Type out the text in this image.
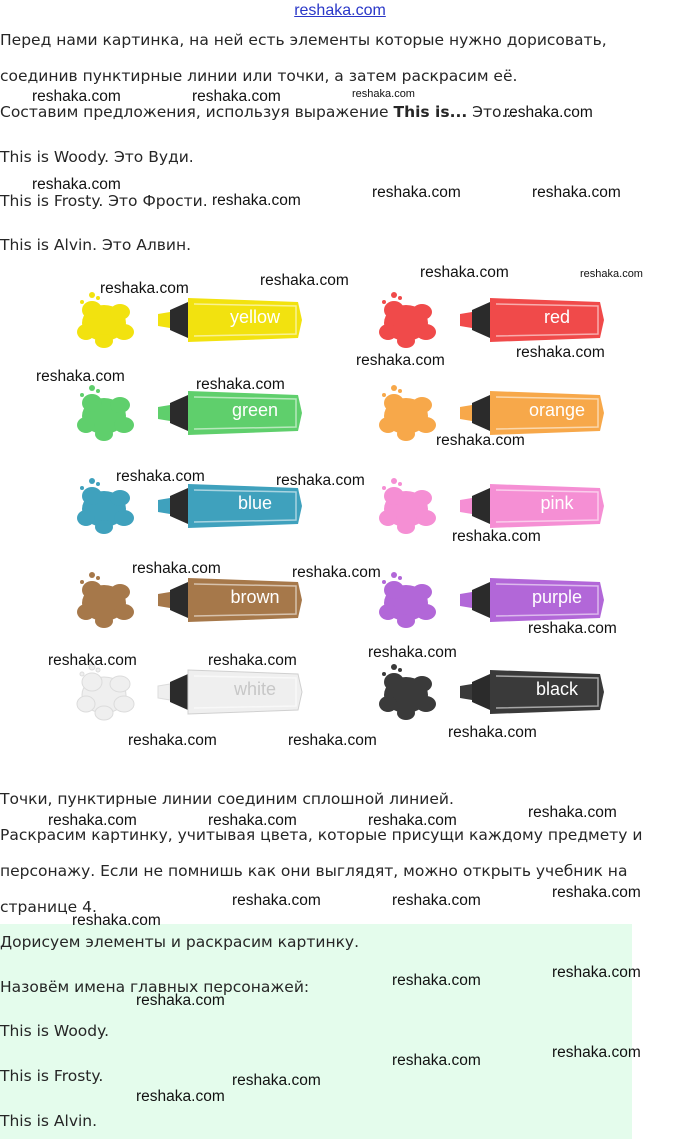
reshaka.com
Перед нами картинка, на ней есть элементы которые нужно дорисовать,
соединив пунктирные линии или точки, а затем раскрасим её.
Составим предложения, используя выражение This is... Это...
This is Woody. Это Вуди.
This is Frosty. Это Фрости.
This is Alvin. Это Алвин.
yellow	red
green	orange
blue	pink
brown	purple
white	black
Точки, пунктирные линии соединим сплошной линией.
Раскрасим картинку, учитывая цвета, которые присущи каждому предмету и
персонажу. Если не помнишь как они выглядят, можно открыть учебник на
странице 4.
Дорисуем элементы и раскрасим картинку.
Назовём имена главных персонажей:
This is Woody.
This is Frosty.
This is Alvin.
reshaka.com	reshaka.com	reshaka.com
reshaka.com
reshaka.com
reshaka.com	reshaka.com	reshaka.com
reshaka.com	reshaka.com
reshaka.com	reshaka.com
reshaka.com	reshaka.com
reshaka.com	reshaka.com
reshaka.com
reshaka.com	reshaka.com
reshaka.com
reshaka.com	reshaka.com
reshaka.com
reshaka.com	reshaka.com	reshaka.com
reshaka.com	reshaka.com	reshaka.com
reshaka.com
reshaka.com	reshaka.com	reshaka.com
reshaka.com
reshaka.com
reshaka.com	reshaka.com
reshaka.com
reshaka.com	reshaka.com
reshaka.com	reshaka.com
reshaka.com
reshaka.com
